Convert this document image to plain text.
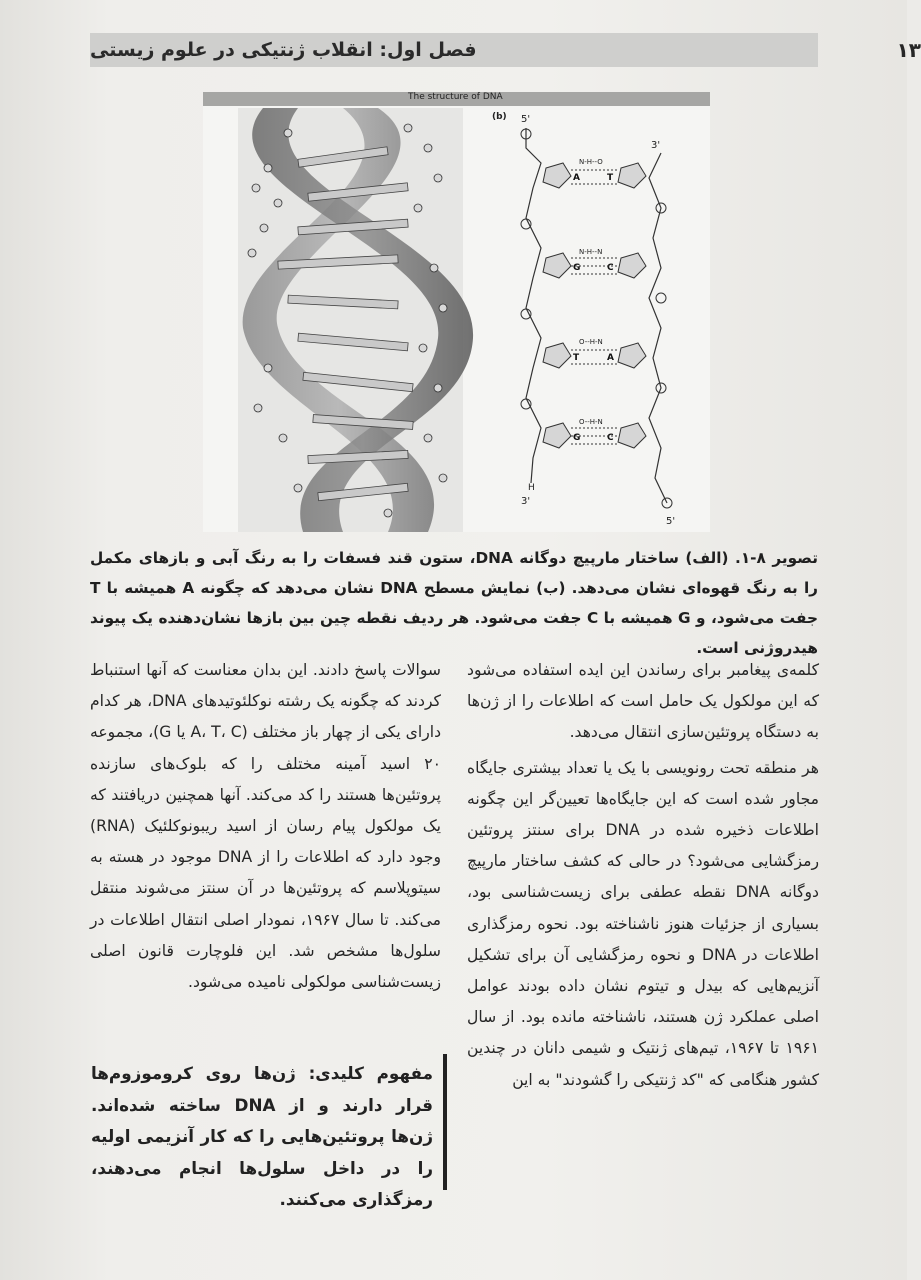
۱۳
فصل اول: انقلاب ژنتیکی در علوم زیستی
The structure of DNA
(b) 5'
3'
3'
5'
H
A	T
G	C
T	A
G	C
N-H--O
N-H--N
O--H-N
O--H-N
تصویر ۸-۱. (الف) ساختار مارپیچ دوگانه DNA، ستون قند فسفات را به رنگ آبی و بازهای مکمل را به رنگ قهوه‌ای نشان می‌دهد. (ب) نمایش مسطح DNA نشان می‌دهد که چگونه A همیشه با T جفت می‌شود، و G همیشه با C جفت می‌شود. هر ردیف نقطه چین بین بازها نشان‌دهنده یک پیوند هیدروژنی است.

کلمه‌ی پیغامبر برای رساندن این ایده استفاده می‌شود که این مولکول یک حامل است که اطلاعات را از ژن‌ها به دستگاه پروتئین‌سازی انتقال می‌دهد.

هر منطقه تحت رونویسی با یک یا تعداد بیشتری جایگاه مجاور شده است که این جایگاه‌ها تعیین‌گر این چگونه اطلاعات ذخیره شده در DNA برای سنتز پروتئین رمزگشایی می‌شود؟ در حالی که کشف ساختار مارپیچ دوگانه DNA نقطه عطفی برای زیست‌شناسی بود، بسیاری از جزئیات هنوز ناشناخته بود. نحوه رمزگذاری اطلاعات در DNA و نحوه رمزگشایی آن برای تشکیل آنزیم‌هایی که بیدل و تیتوم نشان داده بودند عوامل اصلی عملکرد ژن هستند، ناشناخته مانده بود. از سال ۱۹۶۱ تا ۱۹۶۷، تیم‌های ژنتیک و شیمی دانان در چندین کشور هنگامی که "کد ژنتیکی را گشودند" به این

سوالات پاسخ دادند. این بدان معناست که آنها استنباط کردند که چگونه یک رشته نوکلئوتیدهای DNA، هر کدام دارای یکی از چهار باز مختلف (A، T، C یا G)، مجموعه ۲۰ اسید آمینه مختلف را که بلوک‌های سازنده پروتئین‌ها هستند را کد می‌کند. آنها همچنین دریافتند که یک مولکول پیام رسان از اسید ریبونوکلئیک (RNA) وجود دارد که اطلاعات را از DNA موجود در هسته به سیتوپلاسم که پروتئین‌ها در آن سنتز می‌شوند منتقل می‌کند. تا سال ۱۹۶۷، نمودار اصلی انتقال اطلاعات در سلول‌ها مشخص شد. این فلوچارت قانون اصلی زیست‌شناسی مولکولی نامیده می‌شود.

مفهوم کلیدی: ژن‌ها روی کروموزوم‌ها قرار دارند و از DNA ساخته شده‌اند. ژن‌ها پروتئین‌هایی را که کار آنزیمی اولیه را در داخل سلول‌ها انجام می‌دهند، رمزگذاری می‌کنند.
